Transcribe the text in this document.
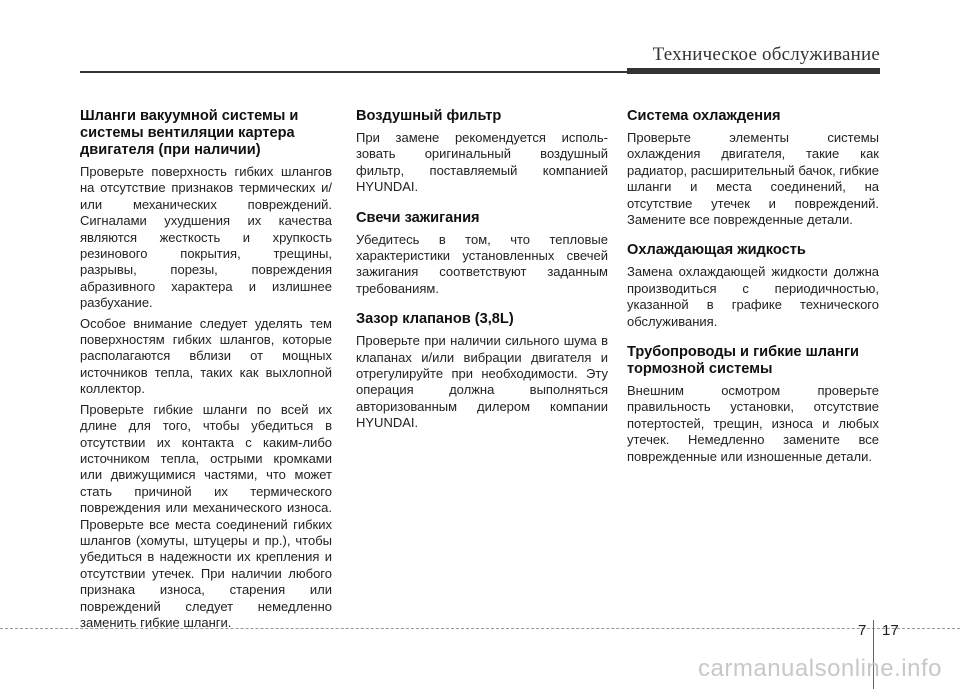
Техническое обслуживание
Шланги вакуумной системы и системы вентиляции картера двигателя (при наличии)

Проверьте поверхность гибких шлангов на отсутствие признаков термических и/или механических повреждений. Сигналами ухудшения их качества являются жесткость и хрупкость резинового покрытия, трещины, разрывы, порезы, повреждения абразивного характера и излишнее разбухание.

Особое внимание следует уделять тем поверхностям гибких шлангов, которые располагаются вблизи от мощных источников тепла, таких как выхлопной коллектор.

Проверьте гибкие шланги по всей их длине для того, чтобы убедиться в отсутствии их контакта с каким-либо источником тепла, острыми кромками или движущимися частями, что может стать причиной их термического повреждения или механического износа. Проверьте все места соединений гибких шлангов (хомуты, штуцеры и пр.), чтобы убедиться в надежности их крепления и отсутствии утечек. При наличии любого признака износа, старения или повреждений следует немедленно заменить гибкие шланги.

Воздушный фильтр

При замене рекомендуется исполь-зовать оригинальный воздушный фильтр, поставляемый компанией HYUNDAI.

Свечи зажигания

Убедитесь в том, что тепловые характеристики установленных свечей зажигания соответствуют заданным требованиям.

Зазор клапанов (3,8L)

Проверьте при наличии сильного шума в клапанах и/или вибрации двигателя и отрегулируйте при необходимости. Эту операция должна выполняться авторизованным дилером компании HYUNDAI.

Система охлаждения

Проверьте элементы системы охлаждения двигателя, такие как радиатор, расширительный бачок, гибкие шланги и места соединений, на отсутствие утечек и повреждений. Замените все поврежденные детали.

Охлаждающая жидкость

Замена охлаждающей жидкости должна производиться с периодичностью, указанной в графике технического обслуживания.

Трубопроводы и гибкие шланги тормозной системы

Внешним осмотром проверьте правильность установки, отсутствие потертостей, трещин, износа и любых утечек. Немедленно замените все поврежденные или изношенные детали.

7 17
carmanualsonline.info
